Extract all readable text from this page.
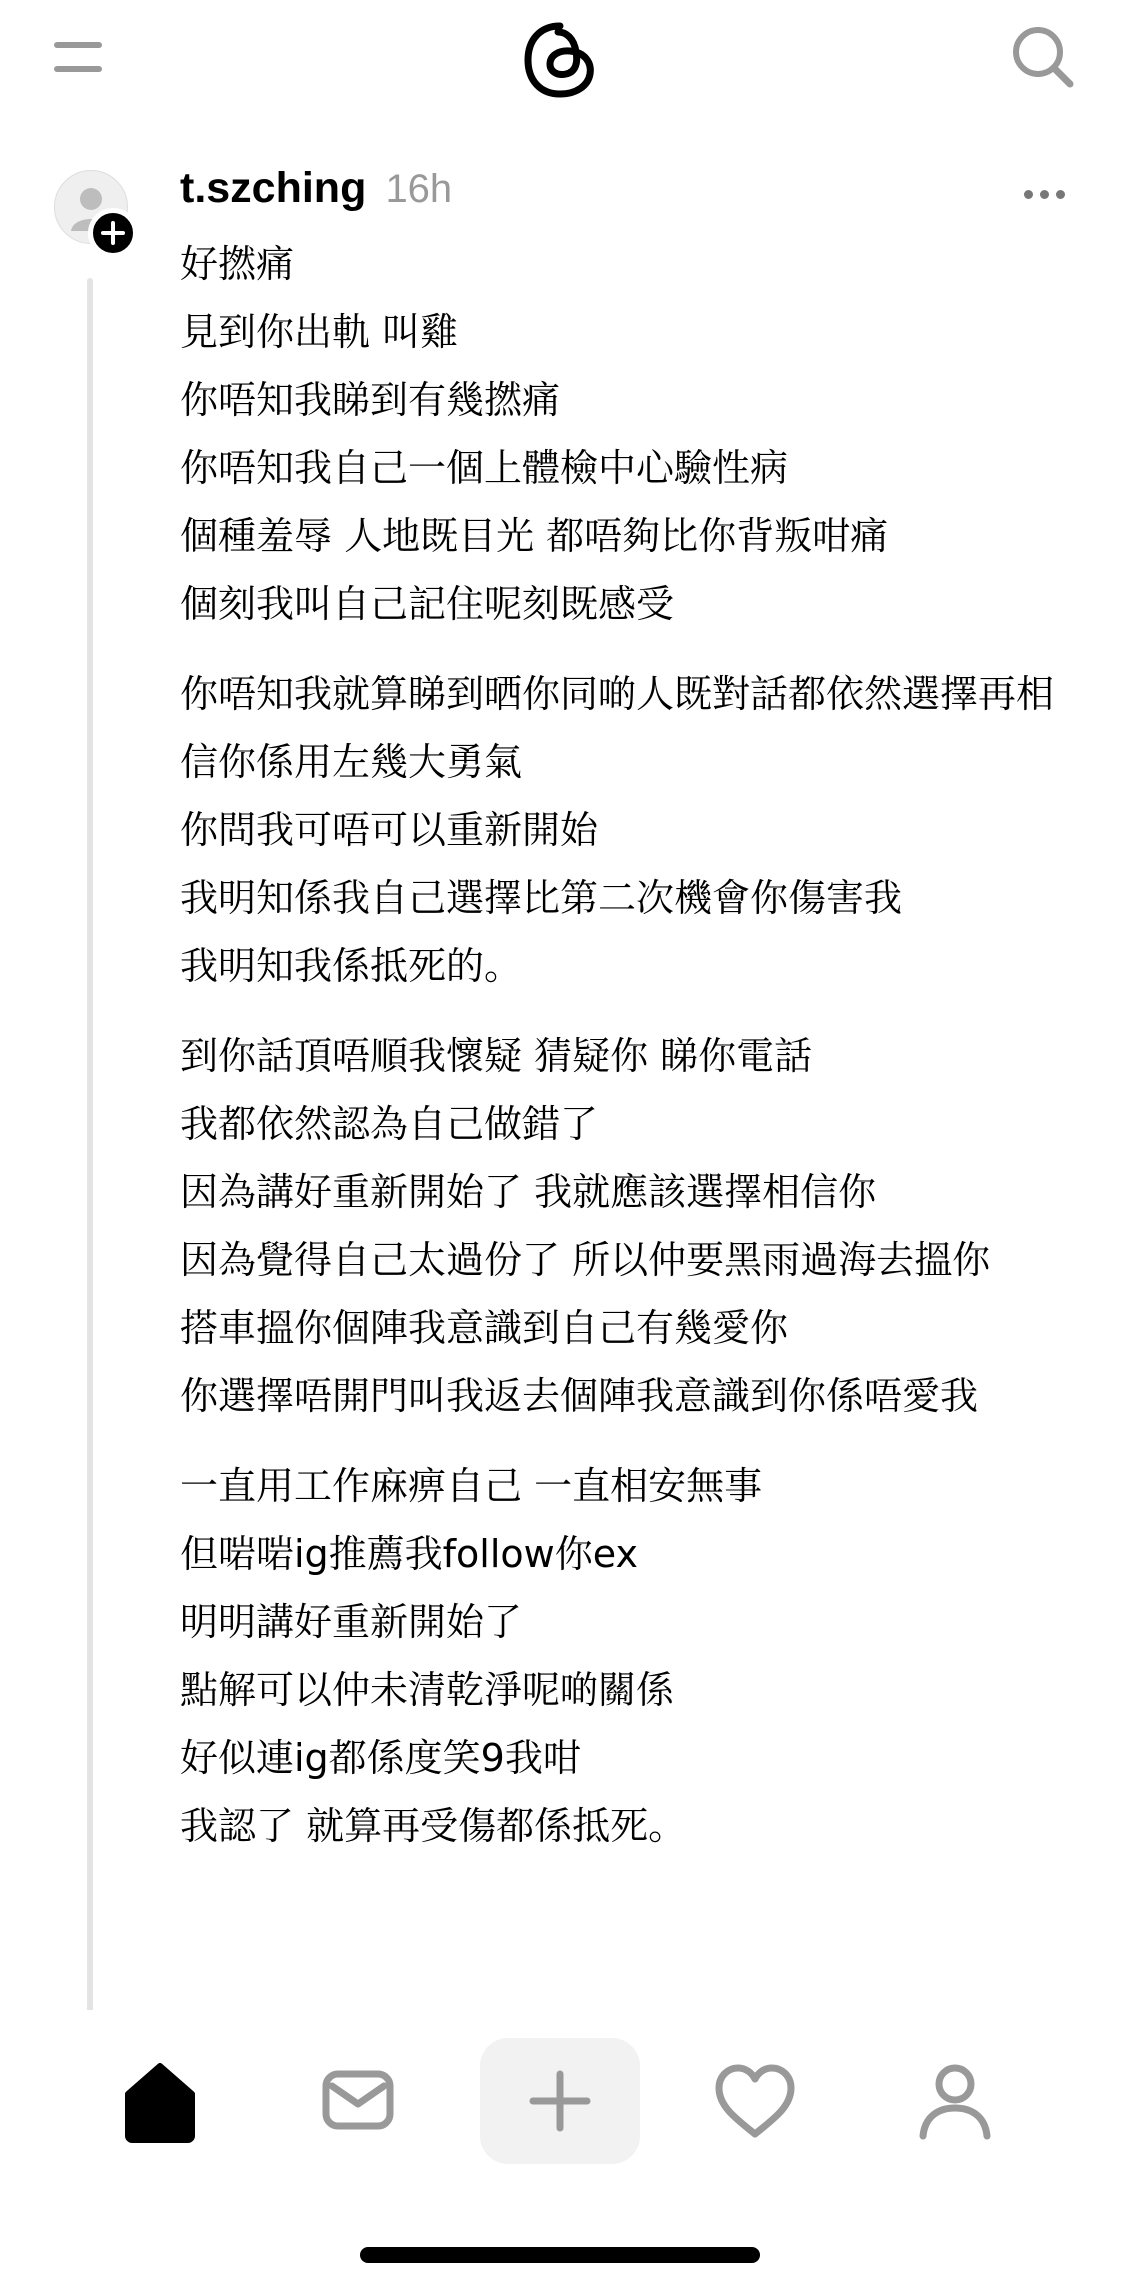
t.szching 16h
好撚痛
見到你出軌 叫雞
你唔知我睇到有幾撚痛
你唔知我自己一個上體檢中心驗性病
個種羞辱 人地既目光 都唔夠比你背叛咁痛
個刻我叫自己記住呢刻既感受
你唔知我就算睇到晒你同啲人既對話都依然選擇再相信你係用左幾大勇氣
你問我可唔可以重新開始
我明知係我自己選擇比第二次機會你傷害我
我明知我係抵死的。
到你話頂唔順我懷疑 猜疑你 睇你電話
我都依然認為自己做錯了
因為講好重新開始了 我就應該選擇相信你
因為覺得自己太過份了 所以仲要黑雨過海去搵你
搭車搵你個陣我意識到自己有幾愛你
你選擇唔開門叫我返去個陣我意識到你係唔愛我
一直用工作麻痹自己 一直相安無事
但啱啱ig推薦我follow你ex
明明講好重新開始了
點解可以仲未清乾淨呢啲關係
好似連ig都係度笑9我咁
我認了 就算再受傷都係抵死。
